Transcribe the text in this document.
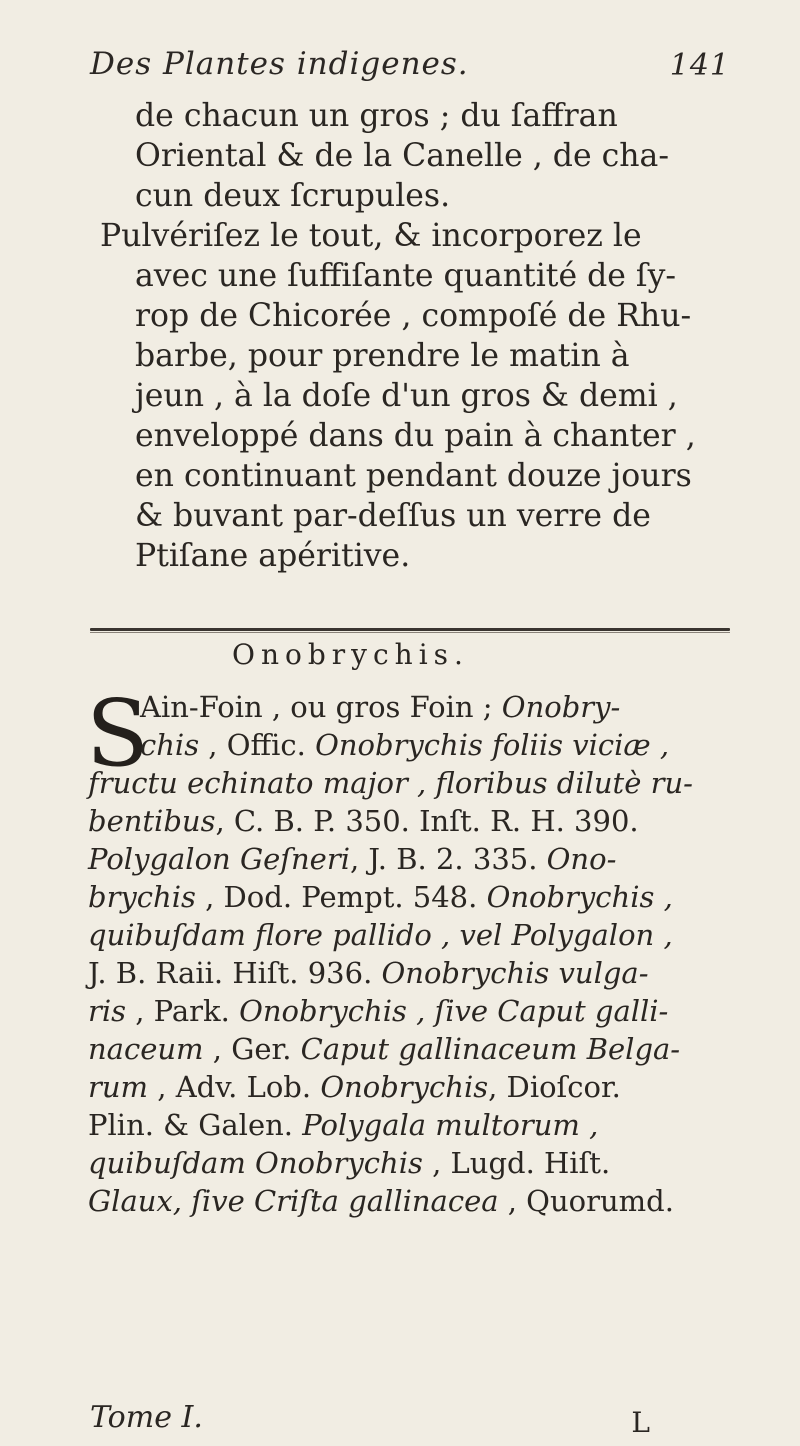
Des Plantes indigenes.	141
de chacun un gros ; du ſaffran
Oriental & de la Canelle , de cha-
cun deux ſcrupules.
Pulvériſez le tout, & incorporez le
avec une ſuffiſante quantité de ſy-
rop de Chicorée , compoſé de Rhu-
barbe, pour prendre le matin à
jeun , à la doſe d'un gros & demi ,
enveloppé dans du pain à chanter ,
en continuant pendant douze jours
& buvant par-deſſus un verre de
Ptiſane apéritive.
Onobrychis.
S
Ain-Foin , ou gros Foin ; Onobry-
chis , Offic. Onobrychis foliis viciæ ,
fructu echinato major , floribus dilutè ru-
bentibus, C. B. P. 350. Inſt. R. H. 390.
Polygalon Geſneri, J. B. 2. 335. Ono-
brychis , Dod. Pempt. 548. Onobrychis ,
quibuſdam flore pallido , vel Polygalon ,
J. B. Raii. Hiſt. 936. Onobrychis vulga-
ris , Park. Onobrychis , ſive Caput galli-
naceum , Ger. Caput gallinaceum Belga-
rum , Adv. Lob. Onobrychis, Dioſcor.
Plin. & Galen. Polygala multorum ,
quibuſdam Onobrychis , Lugd. Hiſt.
Glaux, ſive Criſta gallinacea , Quorumd.
Tome I.	L
